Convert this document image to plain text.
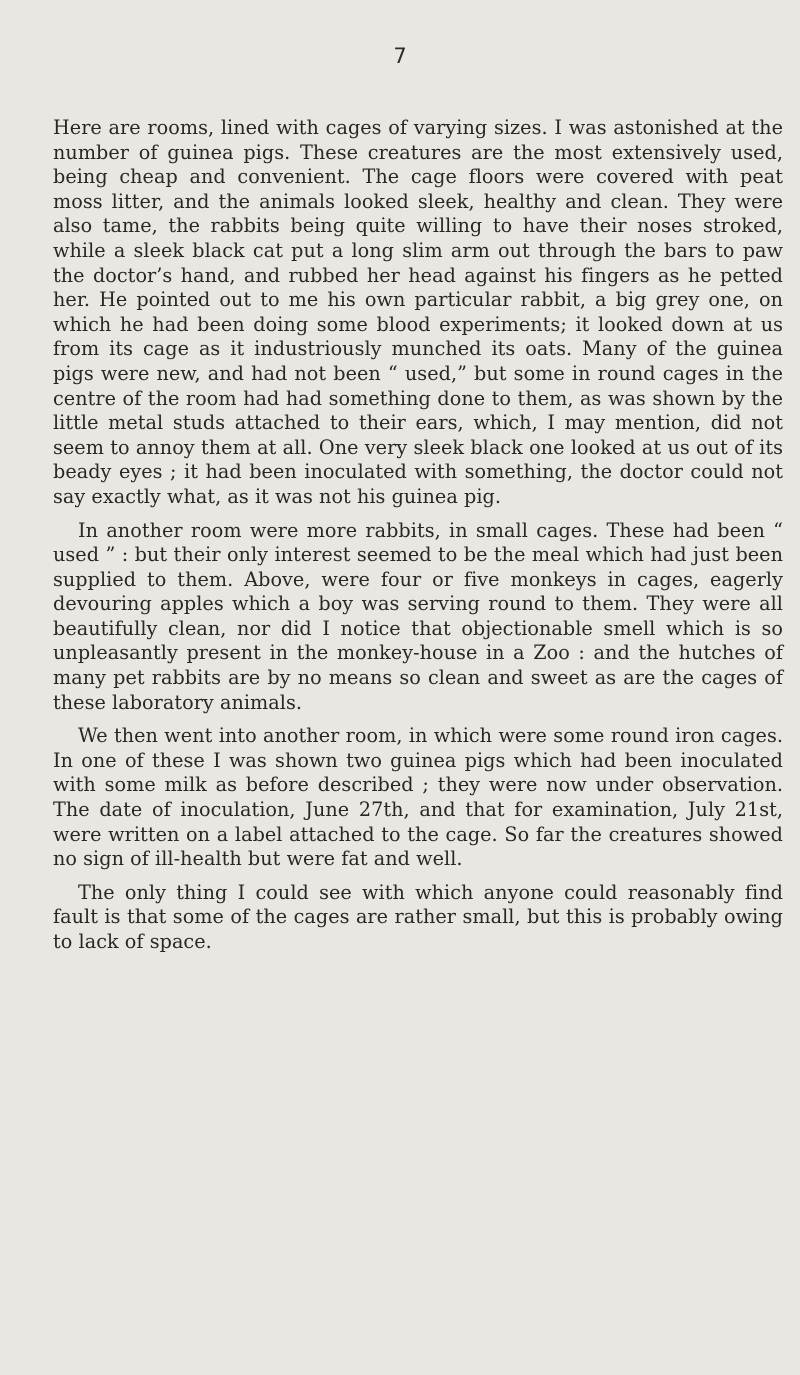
7

Here are rooms, lined with cages of varying sizes. I was astonished at the number of guinea pigs. These creatures are the most extensively used, being cheap and convenient. The cage floors were covered with peat moss litter, and the animals looked sleek, healthy and clean. They were also tame, the rabbits being quite willing to have their noses stroked, while a sleek black cat put a long slim arm out through the bars to paw the doctor’s hand, and rubbed her head against his fingers as he petted her. He pointed out to me his own particular rabbit, a big grey one, on which he had been doing some blood experiments; it looked down at us from its cage as it industriously munched its oats. Many of the guinea pigs were new, and had not been “ used,” but some in round cages in the centre of the room had had something done to them, as was shown by the little metal studs attached to their ears, which, I may mention, did not seem to annoy them at all. One very sleek black one looked at us out of its beady eyes ; it had been inoculated with something, the doctor could not say exactly what, as it was not his guinea pig.

In another room were more rabbits, in small cages. These had been “ used ” : but their only interest seemed to be the meal which had just been supplied to them. Above, were four or five monkeys in cages, eagerly devouring apples which a boy was serving round to them. They were all beautifully clean, nor did I notice that objectionable smell which is so unpleasantly present in the monkey-house in a Zoo : and the hutches of many pet rabbits are by no means so clean and sweet as are the cages of these laboratory animals.

We then went into another room, in which were some round iron cages. In one of these I was shown two guinea pigs which had been inoculated with some milk as before described ; they were now under observation. The date of inoculation, June 27th, and that for examination, July 21st, were written on a label attached to the cage. So far the creatures showed no sign of ill-health but were fat and well.

The only thing I could see with which anyone could reasonably find fault is that some of the cages are rather small, but this is probably owing to lack of space.
